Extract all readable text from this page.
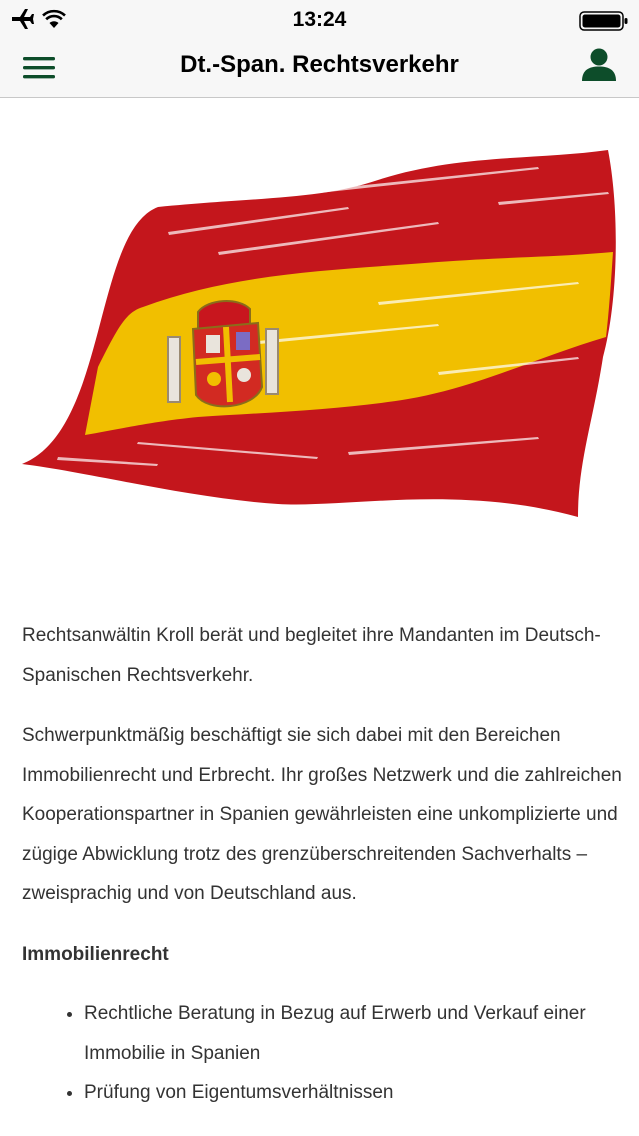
13:24
Dt.-Span. Rechtsverkehr

Rechtsanwältin Kroll berät und begleitet ihre Mandanten im Deutsch-Spanischen Rechtsverkehr.

Schwerpunktmäßig beschäftigt sie sich dabei mit den Bereichen Immobilienrecht und Erbrecht. Ihr großes Netzwerk und die zahlreichen Kooperationspartner in Spanien gewährleisten eine unkomplizierte und zügige Abwicklung trotz des grenzüberschreitenden Sachverhalts – zweisprachig und von Deutschland aus.

Immobilienrecht
• Rechtliche Beratung in Bezug auf Erwerb und Verkauf einer Immobilie in Spanien
• Prüfung von Eigentumsverhältnissen
